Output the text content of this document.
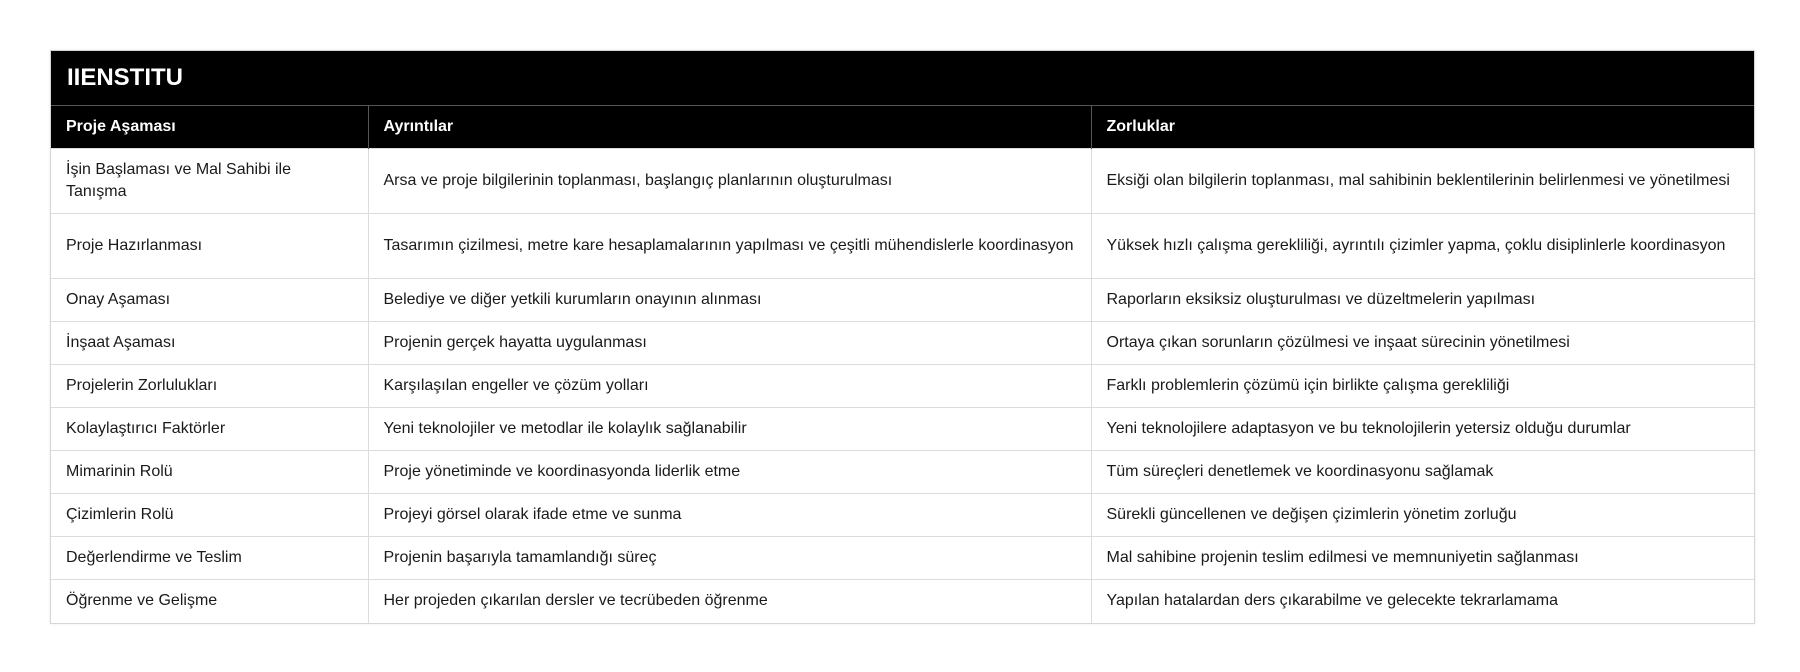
IIENSTITU
Proje Aşaması	Ayrıntılar	Zorluklar
İşin Başlaması ve Mal Sahibi ile Tanışma	Arsa ve proje bilgilerinin toplanması, başlangıç planlarının oluşturulması	Eksiği olan bilgilerin toplanması, mal sahibinin beklentilerinin belirlenmesi ve yönetilmesi
Proje Hazırlanması	Tasarımın çizilmesi, metre kare hesaplamalarının yapılması ve çeşitli mühendislerle koordinasyon	Yüksek hızlı çalışma gerekliliği, ayrıntılı çizimler yapma, çoklu disiplinlerle koordinasyon
Onay Aşaması	Belediye ve diğer yetkili kurumların onayının alınması	Raporların eksiksiz oluşturulması ve düzeltmelerin yapılması
İnşaat Aşaması	Projenin gerçek hayatta uygulanması	Ortaya çıkan sorunların çözülmesi ve inşaat sürecinin yönetilmesi
Projelerin Zorlulukları	Karşılaşılan engeller ve çözüm yolları	Farklı problemlerin çözümü için birlikte çalışma gerekliliği
Kolaylaştırıcı Faktörler	Yeni teknolojiler ve metodlar ile kolaylık sağlanabilir	Yeni teknolojilere adaptasyon ve bu teknolojilerin yetersiz olduğu durumlar
Mimarinin Rolü	Proje yönetiminde ve koordinasyonda liderlik etme	Tüm süreçleri denetlemek ve koordinasyonu sağlamak
Çizimlerin Rolü	Projeyi görsel olarak ifade etme ve sunma	Sürekli güncellenen ve değişen çizimlerin yönetim zorluğu
Değerlendirme ve Teslim	Projenin başarıyla tamamlandığı süreç	Mal sahibine projenin teslim edilmesi ve memnuniyetin sağlanması
Öğrenme ve Gelişme	Her projeden çıkarılan dersler ve tecrübeden öğrenme	Yapılan hatalardan ders çıkarabilme ve gelecekte tekrarlamama
